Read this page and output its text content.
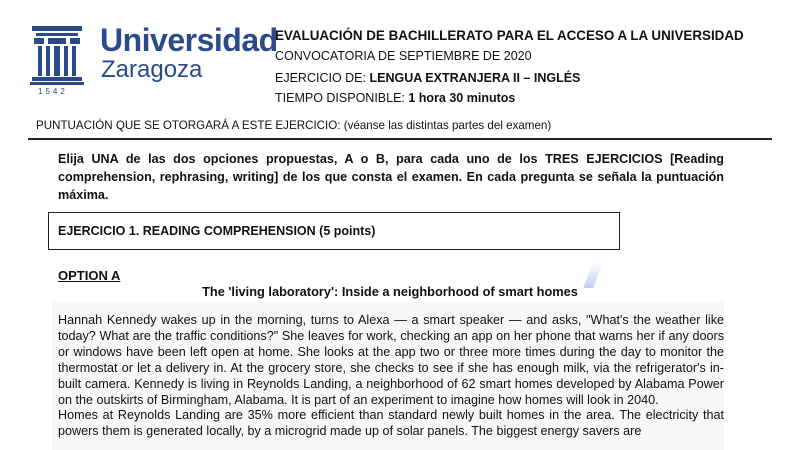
1542
Universidad
Zaragoza
EVALUACIÓN DE BACHILLERATO PARA EL ACCESO A LA UNIVERSIDAD
CONVOCATORIA DE SEPTIEMBRE DE 2020
EJERCICIO DE: LENGUA EXTRANJERA II – INGLÉS
TIEMPO DISPONIBLE: 1 hora 30 minutos
PUNTUACIÓN QUE SE OTORGARÁ A ESTE EJERCICIO: (véanse las distintas partes del examen)
Elija UNA de las dos opciones propuestas, A o B, para cada uno de los TRES EJERCICIOS [Reading comprehension, rephrasing, writing] de los que consta el examen. En cada pregunta se señala la puntuación máxima.
EJERCICIO 1. READING COMPREHENSION (5 points)
OPTION A
The 'living laboratory': Inside a neighborhood of smart homes

Hannah Kennedy wakes up in the morning, turns to Alexa — a smart speaker — and asks, "What's the weather like today? What are the traffic conditions?" She leaves for work, checking an app on her phone that warns her if any doors or windows have been left open at home. She looks at the app two or three more times during the day to monitor the thermostat or let a delivery in. At the grocery store, she checks to see if she has enough milk, via the refrigerator's in-built camera. Kennedy is living in Reynolds Landing, a neighborhood of 62 smart homes developed by Alabama Power on the outskirts of Birmingham, Alabama. It is part of an experiment to imagine how homes will look in 2040.

Homes at Reynolds Landing are 35% more efficient than standard newly built homes in the area. The electricity that powers them is generated locally, by a microgrid made up of solar panels. The biggest energy savers are
